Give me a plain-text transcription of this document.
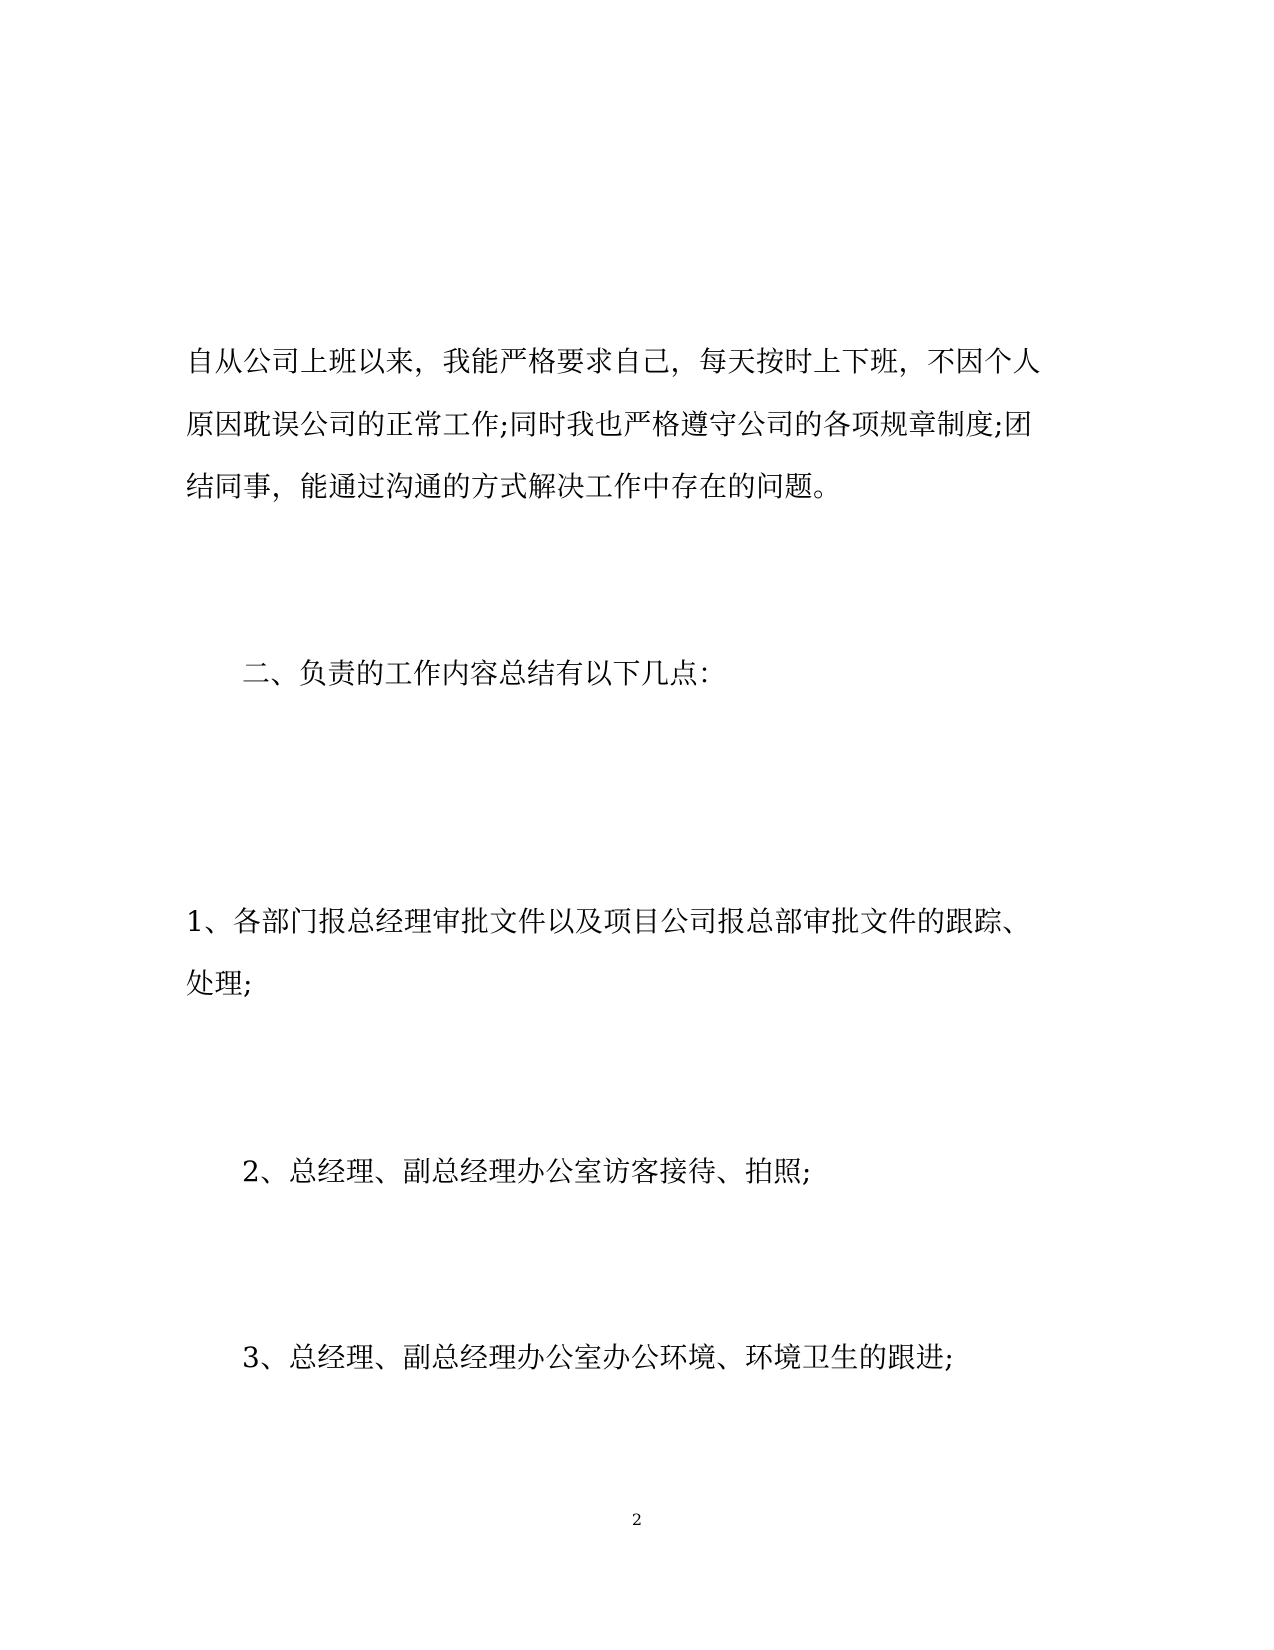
自从公司上班以来，我能严格要求自己，每天按时上下班，不因个人
原因耽误公司的正常工作;同时我也严格遵守公司的各项规章制度;团
结同事，能通过沟通的方式解决工作中存在的问题。
二、负责的工作内容总结有以下几点：
1、各部门报总经理审批文件以及项目公司报总部审批文件的跟踪、
处理;
2、总经理、副总经理办公室访客接待、拍照;
3、总经理、副总经理办公室办公环境、环境卫生的跟进;
2
